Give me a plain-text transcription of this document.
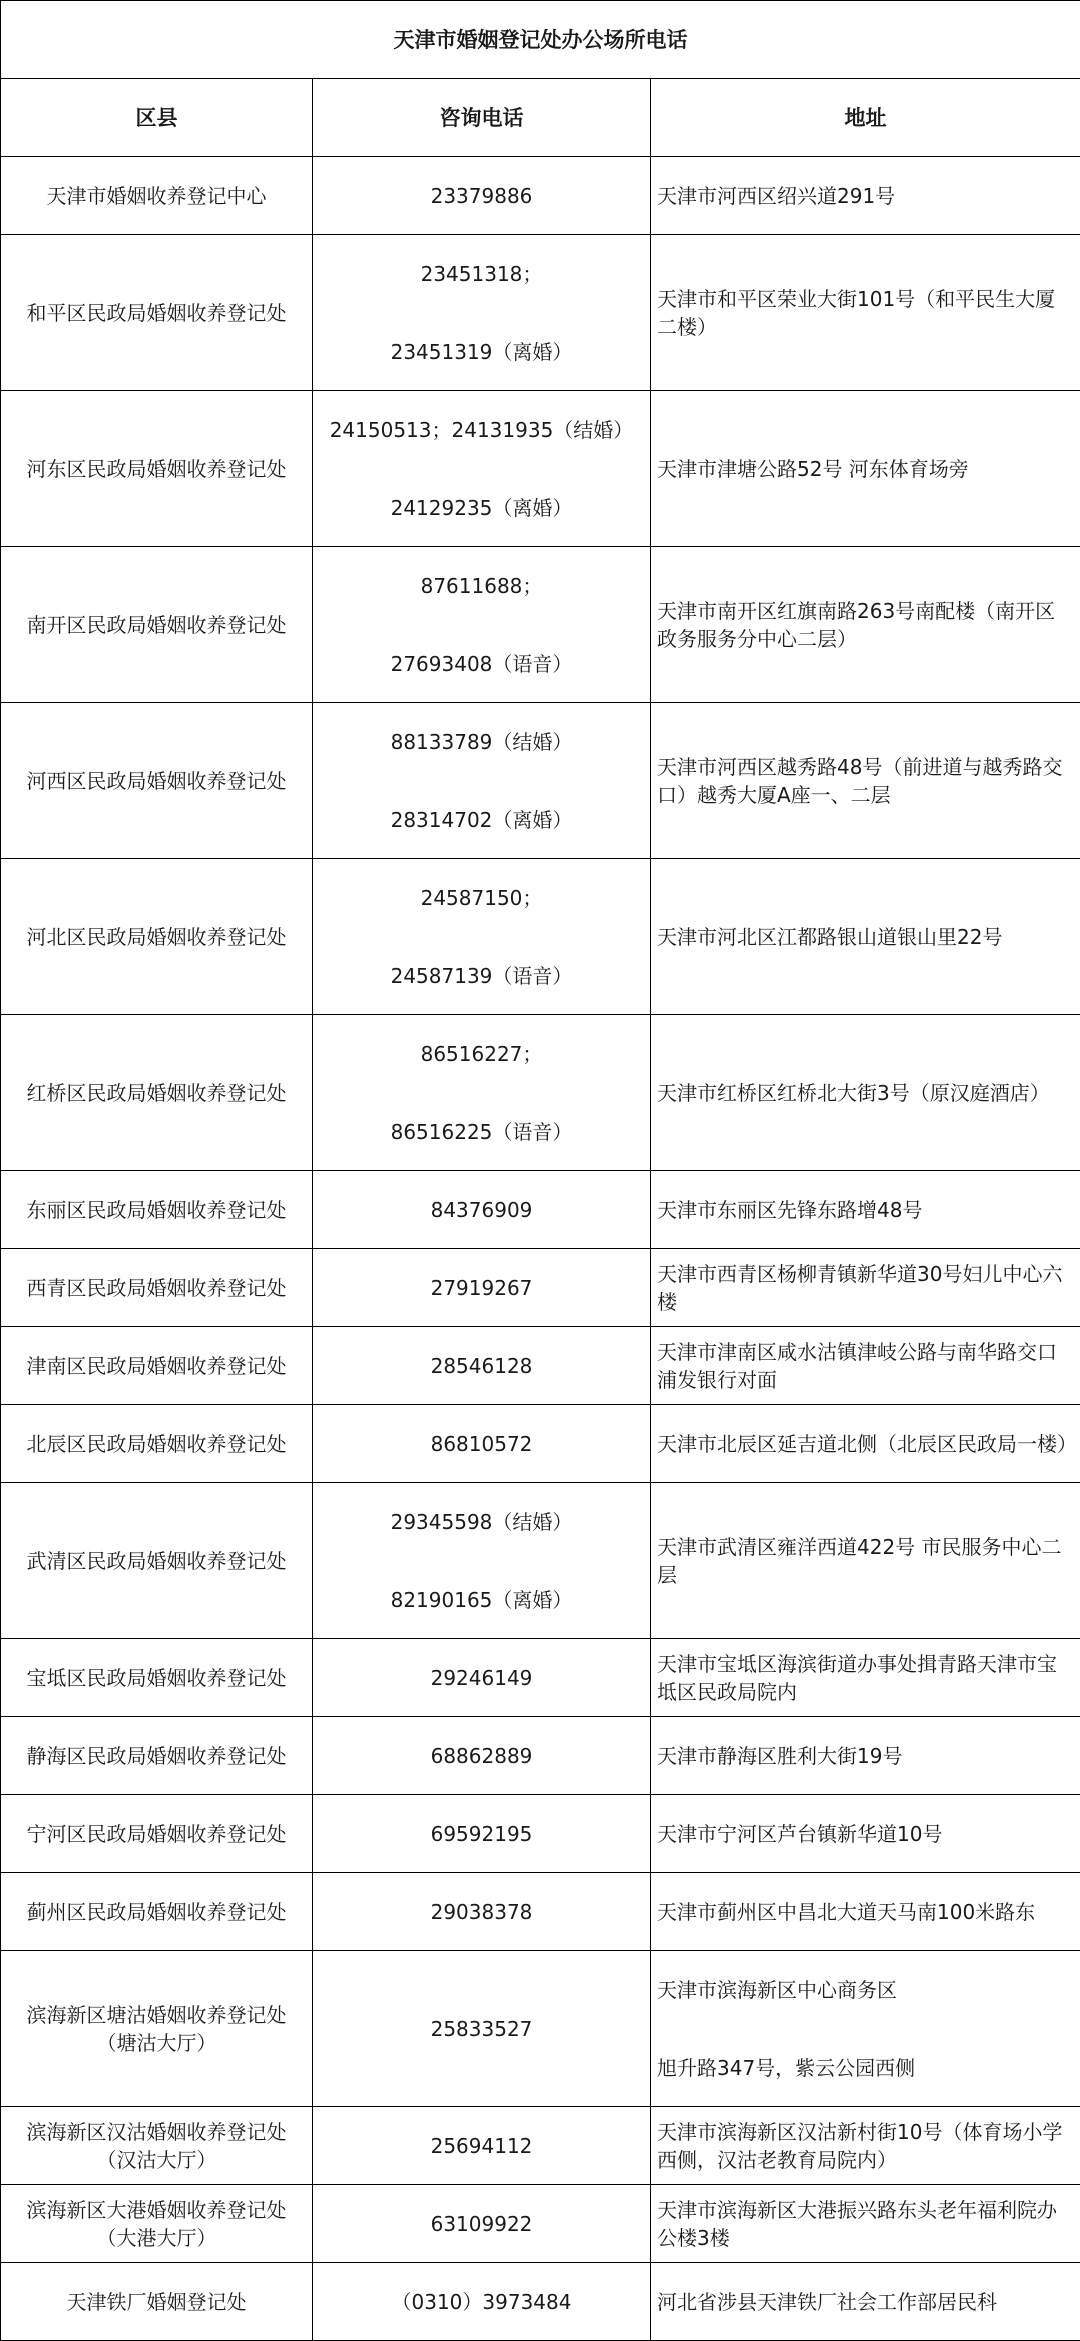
天津市婚姻登记处办公场所电话		
区县	咨询电话	地址

天津市婚姻收养登记中心	23379886	天津市河西区绍兴道291号

和平区民政局婚姻收养登记处	23451318；
23451319（离婚）	天津市和平区荣业大街101号（和平民生大厦二楼）

河东区民政局婚姻收养登记处	24150513；24131935（结婚）
24129235（离婚）	天津市津塘公路52号 河东体育场旁

南开区民政局婚姻收养登记处	87611688；
27693408（语音）	天津市南开区红旗南路263号南配楼（南开区政务服务分中心二层）

河西区民政局婚姻收养登记处	88133789（结婚）
28314702（离婚）	天津市河西区越秀路48号（前进道与越秀路交口）越秀大厦A座一、二层

河北区民政局婚姻收养登记处	24587150；
24587139（语音）	天津市河北区江都路银山道银山里22号

红桥区民政局婚姻收养登记处	86516227；
86516225（语音）	天津市红桥区红桥北大街3号（原汉庭酒店）

东丽区民政局婚姻收养登记处	84376909	天津市东丽区先锋东路增48号

西青区民政局婚姻收养登记处	27919267	天津市西青区杨柳青镇新华道30号妇儿中心六楼

津南区民政局婚姻收养登记处	28546128	天津市津南区咸水沽镇津岐公路与南华路交口浦发银行对面

北辰区民政局婚姻收养登记处	86810572	天津市北辰区延吉道北侧（北辰区民政局一楼）

武清区民政局婚姻收养登记处	29345598（结婚）
82190165（离婚）	天津市武清区雍洋西道422号 市民服务中心二层

宝坻区民政局婚姻收养登记处	29246149	天津市宝坻区海滨街道办事处揖青路天津市宝坻区民政局院内

静海区民政局婚姻收养登记处	68862889	天津市静海区胜利大街19号

宁河区民政局婚姻收养登记处	69592195	天津市宁河区芦台镇新华道10号

蓟州区民政局婚姻收养登记处	29038378	天津市蓟州区中昌北大道天马南100米路东

滨海新区塘沽婚姻收养登记处
（塘沽大厅）	25833527	天津市滨海新区中心商务区
旭升路347号，紫云公园西侧

滨海新区汉沽婚姻收养登记处
（汉沽大厅）	25694112	天津市滨海新区汉沽新村街10号（体育场小学西侧，汉沽老教育局院内）

滨海新区大港婚姻收养登记处
（大港大厅）	63109922	天津市滨海新区大港振兴路东头老年福利院办公楼3楼

天津铁厂婚姻登记处	（0310）3973484	河北省涉县天津铁厂社会工作部居民科
